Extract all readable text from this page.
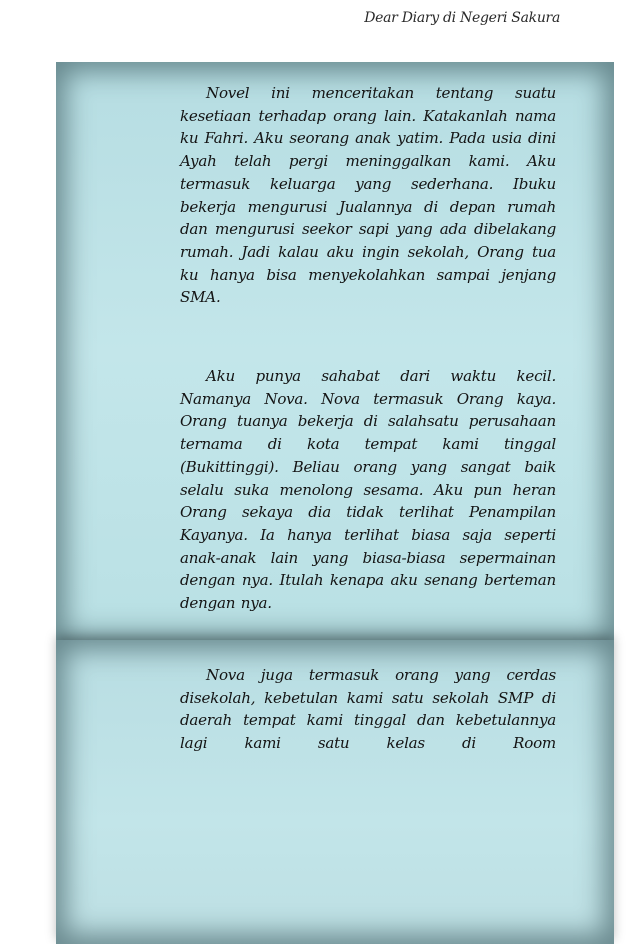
Dear Diary di Negeri Sakura

Novel ini menceritakan tentang suatu kesetiaan terhadap orang lain. Katakanlah nama ku Fahri. Aku seorang anak yatim. Pada usia dini Ayah telah pergi meninggalkan kami. Aku termasuk keluarga yang sederhana. Ibuku bekerja mengurusi Jualannya di depan rumah dan mengurusi seekor sapi yang ada dibelakang rumah. Jadi kalau aku ingin sekolah, Orang tua ku hanya bisa menyekolahkan sampai jenjang SMA.

Aku punya sahabat dari waktu kecil. Namanya Nova. Nova termasuk Orang kaya. Orang tuanya bekerja di salahsatu perusahaan ternama di kota tempat kami tinggal (Bukittinggi). Beliau orang yang sangat baik selalu suka menolong sesama. Aku pun heran Orang sekaya dia tidak terlihat Penampilan Kayanya. Ia hanya terlihat biasa saja seperti anak-anak lain yang biasa-biasa sepermainan dengan nya. Itulah kenapa aku senang berteman dengan nya.

Nova juga termasuk orang yang cerdas disekolah, kebetulan kami satu sekolah SMP di daerah tempat kami tinggal dan kebetulannya lagi kami satu kelas di Room
